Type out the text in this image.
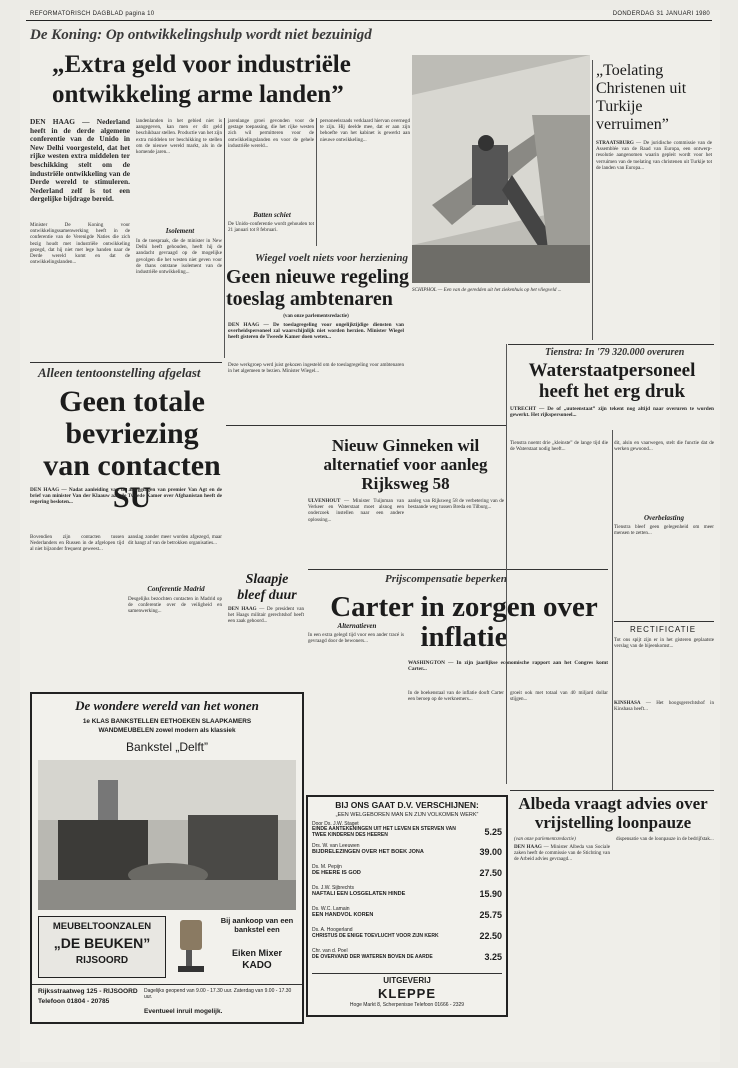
REFORMATORISCH DAGBLAD pagina 10	DONDERDAG 31 JANUARI 1980
De Koning: Op ontwikkelingshulp wordt niet bezuinigd
„Extra geld voor industriële ontwikkeling arme landen”
DEN HAAG — Nederland heeft in de derde algemene conferentie van de Unido in New Delhi voorgesteld, dat het rijke westen extra middelen ter beschikking stelt om de industriële ontwikkeling van de Derde wereld te stimuleren. Nederland zelf is tot een dergelijke bijdrage bereid.
Minister De Koning voor ontwikkelingssamenwerking heeft in de conferentie van de Verenigde Naties die zich bezig houdt met industriële ontwikkeling gezegd, dat hij niet met lege handen naar de Derde wereld komt en dat de ontwikkelingslanden...
landenlanden in het gebied niet is aangegeven, kan men er dit geld beschikbaar stellen. Productie van het zijn extra middelen ter beschikking te stellen om de nieuwe wereld markt, als in de komende jaren...
Isolement
In de toespraak, die de minister in New Delhi heeft gehouden, heeft hij de aandacht gevraagd op de mogelijke gevolgen die het westen niet geven voor de thans ontstane isolement van de industriële ontwikkeling...
jarenlange groei gevonden voor de gestage toepassing, die het rijke westen zich wil permitteren voor de ontwikkelingslanden en voor de gehele industriële wereld...
Batten schiet
De Unido-conferentie wordt gehouden tot 21 januari tot 8 februari.
personeelsraads verklaard hiervan overnegd te zijn. Hij deelde mee, dat er aan zijn behoefte van het kabinet is gewerkt aan nieuwe ontwikkeling...
SCHIPHOL — Een van de geredden uit het ziekenhuis op het vliegveld ...
„Toelating Christenen uit Turkije verruimen”
STRAATSBURG — De juridische commissie van de Assemblée van de Raad van Europa, een ontwerp-resolutie aangenomen waarin gepleit wordt voor het verruimen van de toelating van christenen uit Turkije tot de landen van Europa...
Wiegel voelt niets voor herziening
Geen nieuwe regeling toeslag ambtenaren
(van onze parlementsredactie)
DEN HAAG — De toeslagregeling voor ongelijktijdige diensten van overheidspersoneel zal waarschijnlijk niet worden herzien. Minister Wiegel heeft gisteren de Tweede Kamer doen weten...
Alleen tentoonstelling afgelast
Geen totale bevriezing van contacten SU
DEN HAAG — Nadat aanleiding van de afzeggingen van premier Van Agt en de brief van minister Van der Klaauw aan de Tweede Kamer over Afghanistan heeft de regering besloten...
Bovendien zijn contacten tussen Nederlanders en Russen in de afgelopen tijd al niet bijzonder frequent geweest...
aanslag zonder meer worden afgezegd, maar dit hangt af van de betrokken organisaties...
Conferentie Madrid
Desgelijks bezochten contacten in Madrid op de conferentie over de veiligheid en samenwerking...
Deze werkgroep werd juist gekozen ingesteld om de toeslagregeling voor ambtenaren in het algemeen te bezien. Minister Wiegel...
Nieuw Ginneken wil alternatief voor aanleg Rijksweg 58
ULVENHOUT — Minister Tuijnman van Verkeer en Waterstaat moet alsnog een onderzoek instellen naar een andere oplossing...
aanleg van Rijksweg 58 de verbetering van de bestaande weg tussen Breda en Tilburg...
Alternatieven
In een extra gelegd tijd voor een ander tracé is gevraagd door de bewoners...
Slaapje bleef duur
DEN HAAG — De president van het Haags militair gerechtshof heeft een zaak gehoord...
Tienstra: In '79 320.000 overuren
Waterstaatpersoneel heeft het erg druk
UTRECHT — De of „uuteenstaat” zijn tekent nog altijd naar overuren te worden gewerkt. Het rijkspersoneel...
Tienstra noemt drie „kleinste” de lange tijd die de Waterstaat nodig heeft...
dit, alsin en vaarwegen, stelt die functie dat de werken gewoond...
Overbelasting
Tienstra bleef geen gelegenheid om meer mensen te zetten...
Prijscompensatie beperken
Carter in zorgen over inflatie
WASHINGTON — In zijn jaarlijkse economische rapport aan het Congres komt Carter...
In de boekenstaal van de inflatie dooft Carter een beroep op de werknemers...
groeit ook met totaal van 40 miljard dollar stijgen...
RECTIFICATIE
Tot ons spijt zijn er in het gisteren geplaatste verslag van de bijeenkomst...
KINSHASA — Het hoogsgerechtshof in Kinshasa heeft...
Albeda vraagt advies over vrijstelling loonpauze
(van onze parlementsredactie)
DEN HAAG — Minister Albeda van Sociale zaken heeft de commissie van de Stichting van de Arbeid advies gevraagd...
dispensatie van de loonpauze in de bedrijfstak...
De wondere wereld van het wonen
1e KLAS BANKSTELLEN EETHOEKEN SLAAPKAMERS
WANDMEUBELEN zowel modern als klassiek
Bankstel „Delft”
MEUBELTOONZALEN
„DE BEUKEN”
RIJSOORD
Bij aankoop van een bankstel een
Eiken Mixer
KADO
Rijksstraatweg 125 - RIJSOORD
Telefoon 01804 - 20785
Dagelijks geopend van 9.00 - 17.30 uur. Zaterdag van 9.00 - 17.30 uur.
Eventueel inruil mogelijk.
BIJ ONS GAAT D.V. VERSCHIJNEN:
„EEN WELGEBOREN MAN EN ZIJN VOLKOMEN WERK”
Door Ds. J.W. Staget
EINDE AANTEKENINGEN UIT HET LEVEN EN STERVEN VAN TWEE KINDEREN DES HEEREN	5.25
Drs. W. van Leeuwen
BIJDRELEZINGEN OVER HET BOEK JONA	39.00
Ds. M. Pepijn
DE HEERE IS GOD	27.50
Ds. J.W. Sijbrechts
NAFTALI EEN LOSGELATEN HINDE	15.90
Ds. W.C. Lamain
EEN HANDVOL KOREN	25.75
Ds. A. Hoogerland
CHRISTUS DE ENIGE TOEVLUCHT VOOR ZIJN KERK	22.50
Chr. van d. Poel
DE OVERVAND DER WATEREN BOVEN DE AARDE	3.25
UITGEVERIJ
KLEPPE
Hoge Markt 8, Scherpenisse Telefoon 01666 - 2329
